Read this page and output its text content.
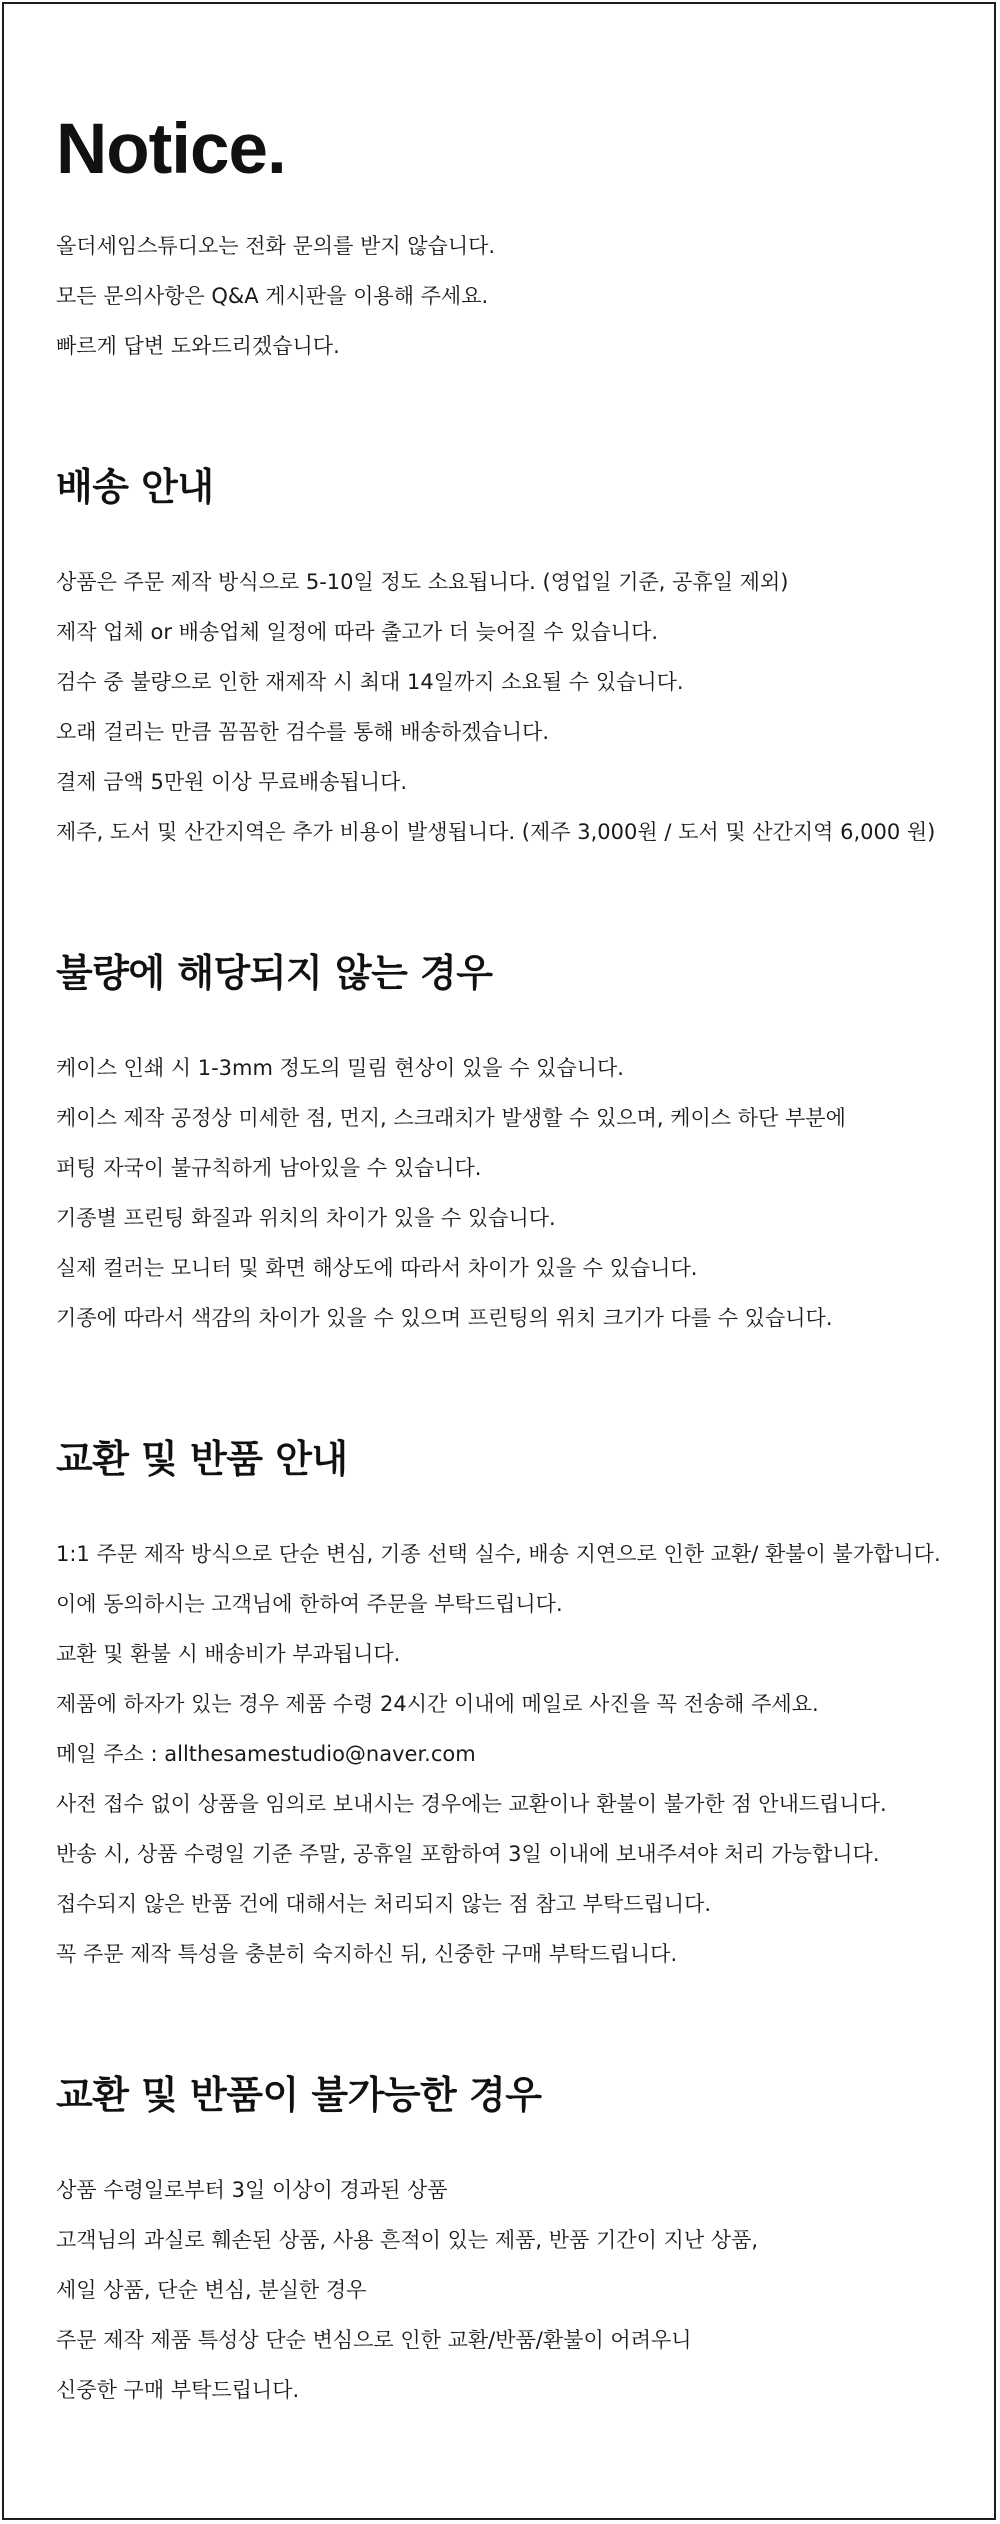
Notice.

올더세임스튜디오는 전화 문의를 받지 않습니다.

모든 문의사항은 Q&A 게시판을 이용해 주세요.

빠르게 답변 도와드리겠습니다.

배송 안내

상품은 주문 제작 방식으로 5-10일 정도 소요됩니다. (영업일 기준, 공휴일 제외)

제작 업체 or 배송업체 일정에 따라 출고가 더 늦어질 수 있습니다.

검수 중 불량으로 인한 재제작 시 최대 14일까지 소요될 수 있습니다.

오래 걸리는 만큼 꼼꼼한 검수를 통해 배송하겠습니다.

결제 금액 5만원 이상 무료배송됩니다.

제주, 도서 및 산간지역은 추가 비용이 발생됩니다. (제주 3,000원 / 도서 및 산간지역 6,000 원)

불량에 해당되지 않는 경우

케이스 인쇄 시 1-3mm 정도의 밀림 현상이 있을 수 있습니다.

케이스 제작 공정상 미세한 점, 먼지, 스크래치가 발생할 수 있으며, 케이스 하단 부분에

퍼팅 자국이 불규칙하게 남아있을 수 있습니다.

기종별 프린팅 화질과 위치의 차이가 있을 수 있습니다.

실제 컬러는 모니터 및 화면 해상도에 따라서 차이가 있을 수 있습니다.

기종에 따라서 색감의 차이가 있을 수 있으며 프린팅의 위치 크기가 다를 수 있습니다.

교환 및 반품 안내

1:1 주문 제작 방식으로 단순 변심, 기종 선택 실수, 배송 지연으로 인한 교환/ 환불이 불가합니다.

이에 동의하시는 고객님에 한하여 주문을 부탁드립니다.

교환 및 환불 시 배송비가 부과됩니다.

제품에 하자가 있는 경우 제품 수령 24시간 이내에 메일로 사진을 꼭 전송해 주세요.

메일 주소 : allthesamestudio@naver.com

사전 접수 없이 상품을 임의로 보내시는 경우에는 교환이나 환불이 불가한 점 안내드립니다.

반송 시, 상품 수령일 기준 주말, 공휴일 포함하여 3일 이내에 보내주셔야 처리 가능합니다.

접수되지 않은 반품 건에 대해서는 처리되지 않는 점 참고 부탁드립니다.

꼭 주문 제작 특성을 충분히 숙지하신 뒤, 신중한 구매 부탁드립니다.

교환 및 반품이 불가능한 경우

상품 수령일로부터 3일 이상이 경과된 상품

고객님의 과실로 훼손된 상품, 사용 흔적이 있는 제품, 반품 기간이 지난 상품,

세일 상품, 단순 변심, 분실한 경우

주문 제작 제품 특성상 단순 변심으로 인한 교환/반품/환불이 어려우니

신중한 구매 부탁드립니다.
